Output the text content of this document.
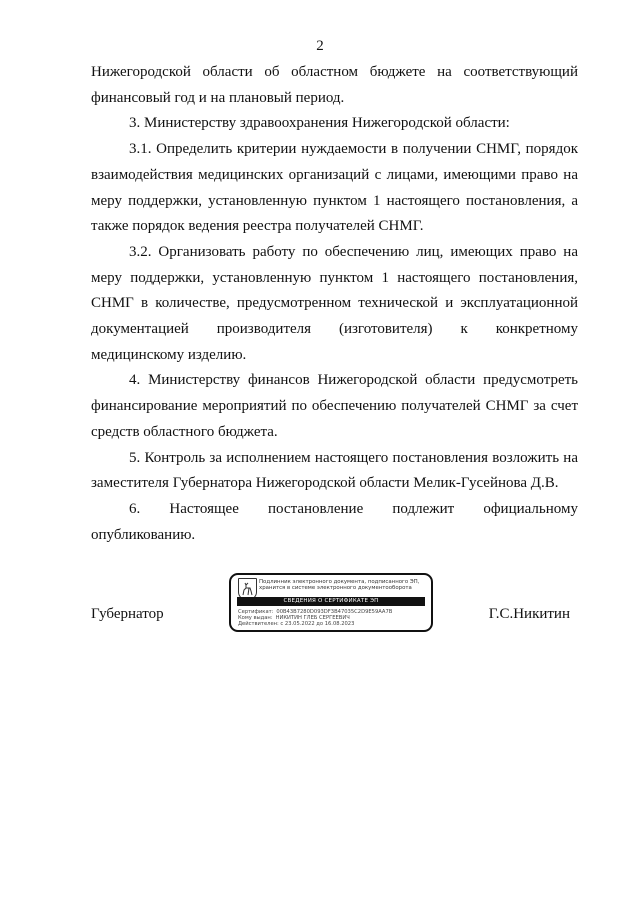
2

Нижегородской области об областном бюджете на соответствующий финансовый год и на плановый период.

3. Министерству здравоохранения Нижегородской области:

3.1. Определить критерии нуждаемости в получении СНМГ, порядок взаимодействия медицинских организаций с лицами, имеющими право на меру поддержки, установленную пунктом 1 настоящего постановления, а также порядок ведения реестра получателей СНМГ.

3.2. Организовать работу по обеспечению лиц, имеющих право на меру поддержки, установленную пунктом 1 настоящего постановления, СНМГ в количестве, предусмотренном технической и эксплуатационной документацией производителя (изготовителя) к конкретному медицинскому изделию.

4. Министерству финансов Нижегородской области предусмотреть финансирование мероприятий по обеспечению получателей СНМГ за счет средств областного бюджета.

5. Контроль за исполнением настоящего постановления возложить на заместителя Губернатора Нижегородской области Мелик-Гусейнова Д.В.

6. Настоящее постановление подлежит официальному опубликованию.

Губернатор
Подлинник электронного документа, подписанного ЭП,
хранится в системе электронного документооборота
СВЕДЕНИЯ О СЕРТИФИКАТЕ ЭП
Сертификат: 00B43B7280D093DF3B47035C2D9E59AA7B
Кому выдан: НИКИТИН ГЛЕБ СЕРГЕЕВИЧ
Действителен: с 23.05.2022 до 16.08.2023
Г.С.Никитин
